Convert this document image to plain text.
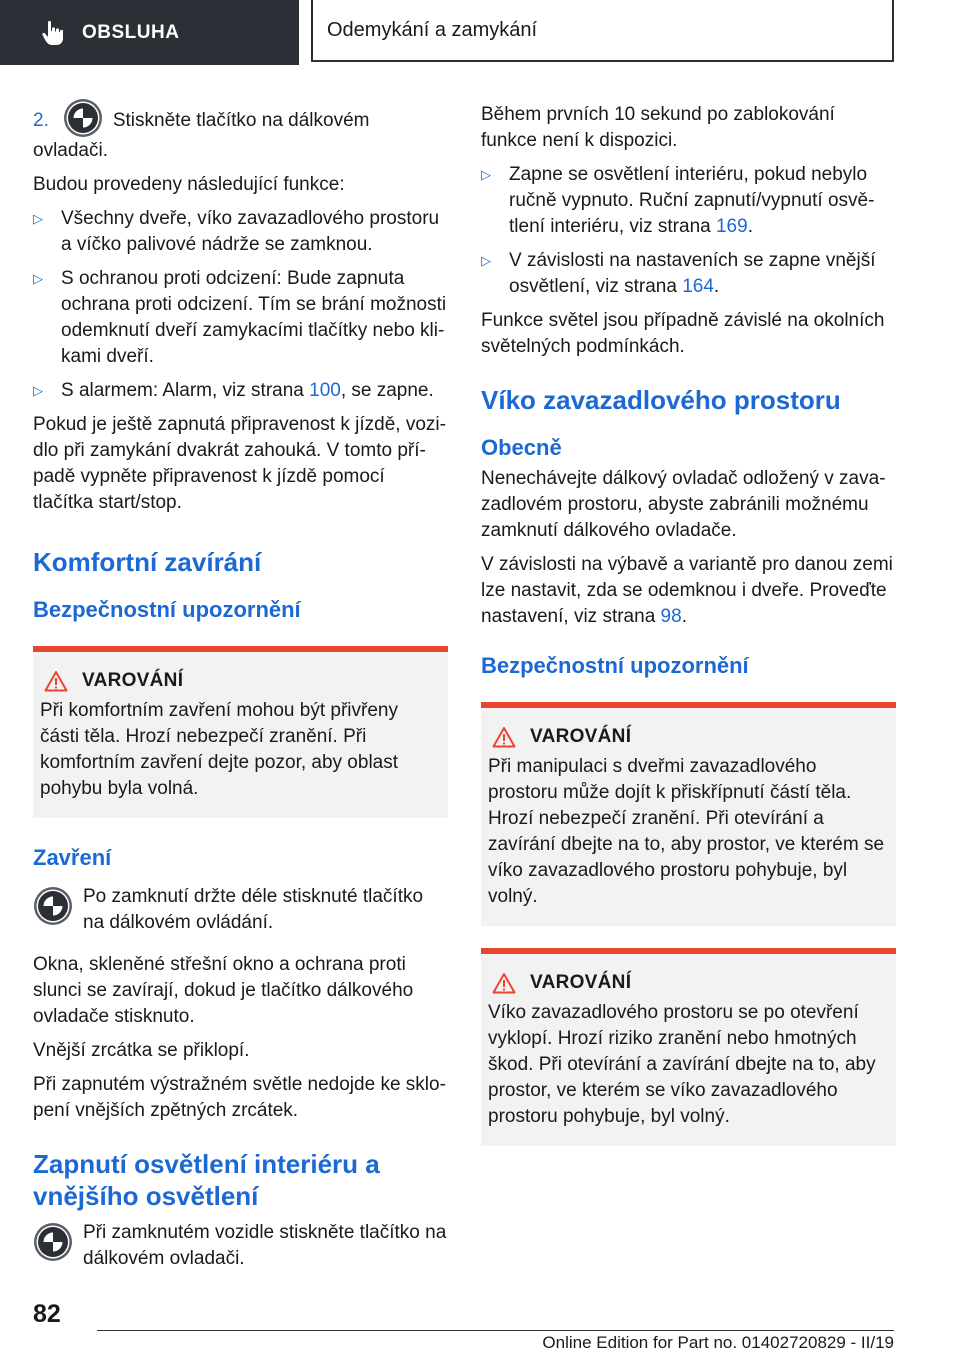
OBSLUHA	Odemykání a zamykání

2.	Stiskněte tlačítko na dálkovém ovladači.

Budou provedeny následující funkce:

▷ Všechny dveře, víko zavazadlového prostoru a víčko palivové nádrže se zamknou.
▷ S ochranou proti odcizení: Bude zapnuta ochrana proti odcizení. Tím se brání možnosti odemknutí dveří zamykacími tlačítky nebo klikami dveří.
▷ S alarmem: Alarm, viz strana 100, se zapne.

Pokud je ještě zapnutá připravenost k jízdě, vozidlo při zamykání dvakrát zahouká. V tomto případě vypněte připravenost k jízdě pomocí tlačítka start/stop.

Komfortní zavírání
Bezpečnostní upozornění
VAROVÁNÍ
Při komfortním zavření mohou být přivřeny části těla. Hrozí nebezpečí zranění. Při komfortním zavření dejte pozor, aby oblast pohybu byla volná.
Zavření
Po zamknutí držte déle stisknuté tlačítko na dálkovém ovládání.

Okna, skleněné střešní okno a ochrana proti slunci se zavírají, dokud je tlačítko dálkového ovladače stisknuto.

Vnější zrcátka se přiklopí.

Při zapnutém výstražném světle nedojde ke sklopení vnějších zpětných zrcátek.

Zapnutí osvětlení interiéru a vnějšího osvětlení
Při zamknutém vozidle stiskněte tlačítko na dálkovém ovladači.

Během prvních 10 sekund po zablokování funkce není k dispozici.

▷ Zapne se osvětlení interiéru, pokud nebylo ručně vypnuto. Ruční zapnutí/vypnutí osvětlení interiéru, viz strana 169.
▷ V závislosti na nastaveních se zapne vnější osvětlení, viz strana 164.

Funkce světel jsou případně závislé na okolních světelných podmínkách.

Víko zavazadlového prostoru
Obecně

Nenechávejte dálkový ovladač odložený v zavazadlovém prostoru, abyste zabránili možnému zamknutí dálkového ovladače.

V závislosti na výbavě a variantě pro danou zemi lze nastavit, zda se odemknou i dveře. Proveďte nastavení, viz strana 98.

Bezpečnostní upozornění
VAROVÁNÍ
Při manipulaci s dveřmi zavazadlového prostoru může dojít k přiskřípnutí částí těla. Hrozí nebezpečí zranění. Při otevírání a zavírání dbejte na to, aby prostor, ve kterém se víko zavazadlového prostoru pohybuje, byl volný.
VAROVÁNÍ
Víko zavazadlového prostoru se po otevření vyklopí. Hrozí riziko zranění nebo hmotných škod. Při otevírání a zavírání dbejte na to, aby prostor, ve kterém se víko zavazadlového prostoru pohybuje, byl volný.
82
Online Edition for Part no. 01402720829 - II/19
